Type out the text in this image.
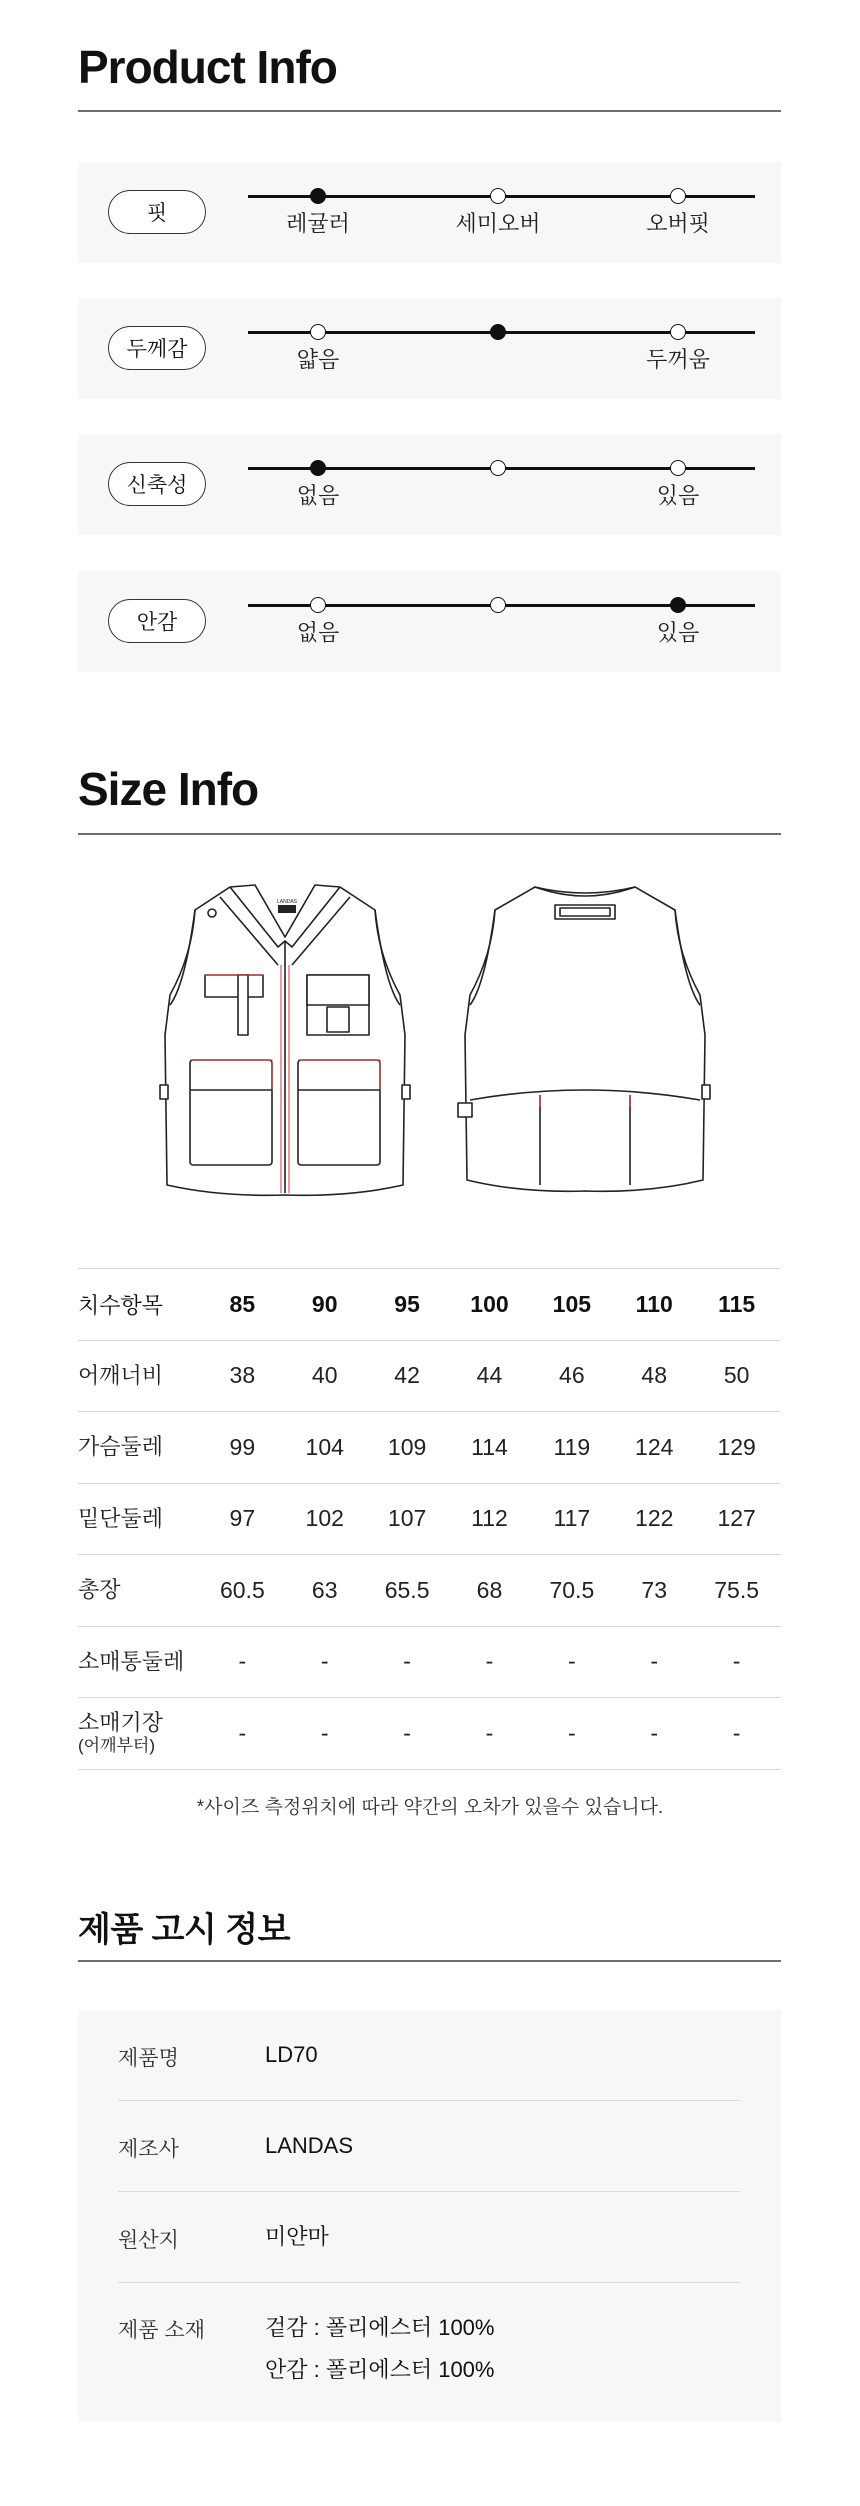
Product Info
핏	레귤러	세미오버	오버핏
두께감	얇음	두꺼움
신축성	없음	있음
안감	없음	있음
Size Info
LANDAS
치수항목	85	90	95	100	105	110	115

어깨너비	38	40	42	44	46	48	50

가슴둘레	99	104	109	114	119	124	129

밑단둘레	97	102	107	112	117	122	127

총장	60.5	63	65.5	68	70.5	73	75.5

소매통둘레	-	-	-	-	-	-	-

소매기장
(어깨부터)	-	-	-	-	-	-	-
*사이즈 측정위치에 따라 약간의 오차가 있을수 있습니다.
제품 고시 정보
제품명	LD70
제조사	LANDAS
원산지	미얀마
제품 소재	겉감 : 폴리에스터 100%
안감 : 폴리에스터 100%
